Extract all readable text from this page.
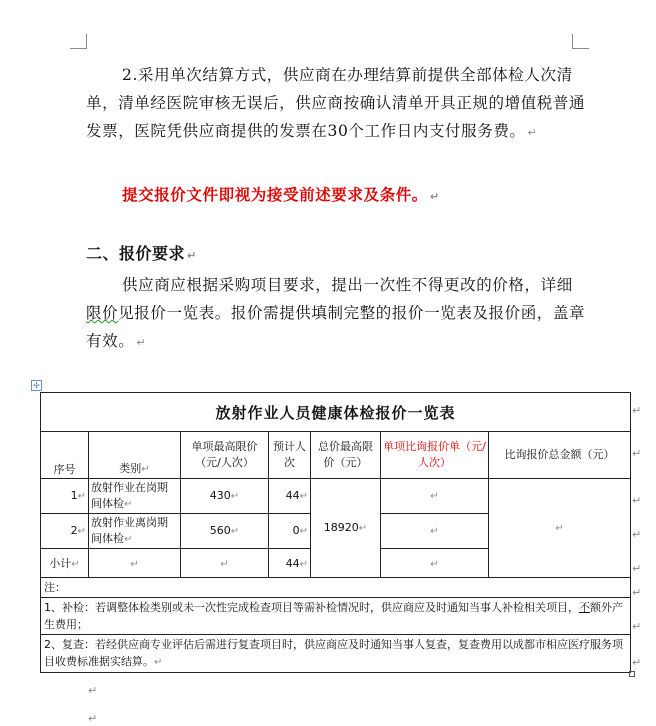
2.采用单次结算方式，供应商在办理结算前提供全部体检人次清单，清单经医院审核无误后，供应商按确认清单开具正规的增值税普通发票，医院凭供应商提供的发票在30个工作日内支付服务费。 ↵
提交报价文件即视为接受前述要求及条件。 ↵
二、报价要求 ↵
供应商应根据采购项目要求，提出一次性不得更改的价格，详细限价见报价一览表。报价需提供填制完整的报价一览表及报价函，盖章有效。 ↵
✢
放射作业人员健康体检报价一览表						
序号	类别↵	单项最高限价（元/人次）	预计人次	总价最高限价（元）	单项比询报价单（元/人次）	比询报价总金额（元）
1↵	放射作业在岗期间体检↵	430↵	44↵	18920↵	↵	↵
2↵	放射作业离岗期间体检↵	560↵	0↵		↵	
小计↵	↵	↵	44↵		↵	
注：						
1、补检：若调整体检类别或未一次性完成检查项目等需补检情况时，供应商应及时通知当事人补检相关项目，不额外产生费用；						
2、复查：若经供应商专业评估后需进行复查项目时，供应商应及时通知当事人复查，复查费用以成都市相应医疗服务项目收费标准据实结算。↵						
↵
↵
↵
↵
↵
↵
↵
↵
↵
↵
